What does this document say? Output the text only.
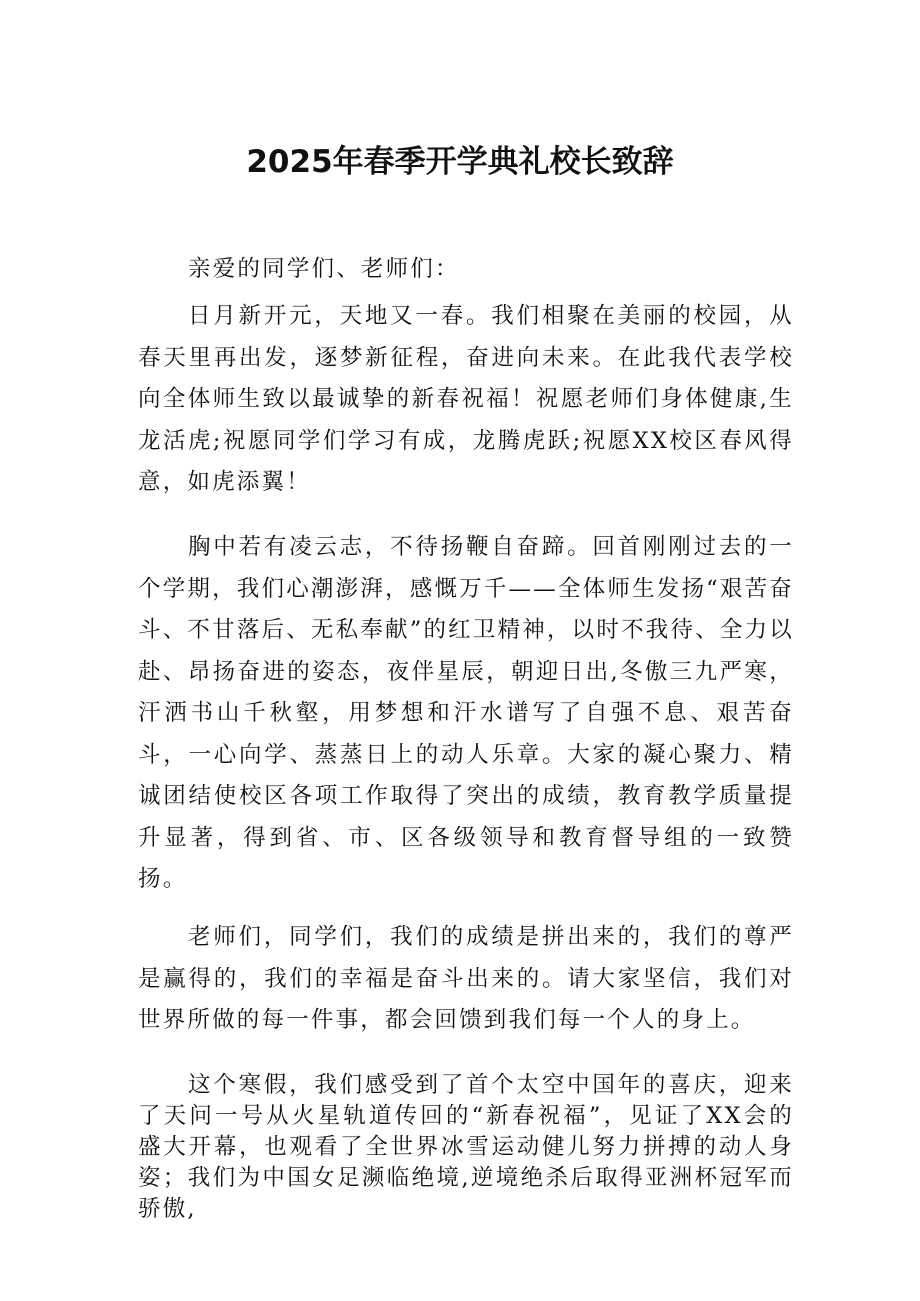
2025年春季开学典礼校长致辞

亲爱的同学们、老师们：

日月新开元，天地又一春。我们相聚在美丽的校园，从春天里再出发，逐梦新征程，奋进向未来。在此我代表学校向全体师生致以最诚挚的新春祝福！祝愿老师们身体健康,生龙活虎;祝愿同学们学习有成，龙腾虎跃;祝愿XX校区春风得意，如虎添翼！

胸中若有凌云志，不待扬鞭自奋蹄。回首刚刚过去的一个学期，我们心潮澎湃，感慨万千——全体师生发扬“艰苦奋斗、不甘落后、无私奉献”的红卫精神，以时不我待、全力以赴、昂扬奋进的姿态，夜伴星辰，朝迎日出,冬傲三九严寒，汗洒书山千秋壑，用梦想和汗水谱写了自强不息、艰苦奋斗，一心向学、蒸蒸日上的动人乐章。大家的凝心聚力、精诚团结使校区各项工作取得了突出的成绩，教育教学质量提升显著，得到省、市、区各级领导和教育督导组的一致赞扬。

老师们，同学们，我们的成绩是拼出来的，我们的尊严是赢得的，我们的幸福是奋斗出来的。请大家坚信，我们对世界所做的每一件事，都会回馈到我们每一个人的身上。

这个寒假，我们感受到了首个太空中国年的喜庆，迎来了天问一号从火星轨道传回的“新春祝福”，见证了XX会的盛大开幕，也观看了全世界冰雪运动健儿努力拼搏的动人身姿；我们为中国女足濒临绝境,逆境绝杀后取得亚洲杯冠军而骄傲,
